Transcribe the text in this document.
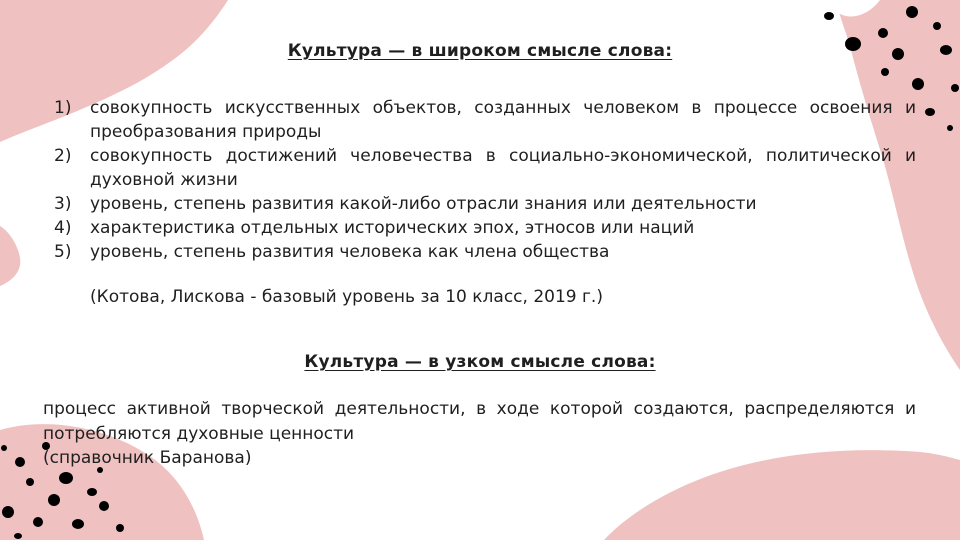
Культура — в широком смысле слова:
1) совокупность искусственных объектов, созданных человеком в процессе освоения и преобразования природы
2) совокупность достижений человечества в социально-экономической, политической и духовной жизни
3) уровень, степень развития какой-либо отрасли знания или деятельности
4) характеристика отдельных исторических эпох, этносов или наций
5) уровень, степень развития человека как члена общества

(Котова, Лискова - базовый уровень за 10 класс, 2019 г.)

Культура — в узком смысле слова:

процесс активной творческой деятельности, в ходе которой создаются, распределяются и потребляются духовные ценности

(справочник Баранова)
